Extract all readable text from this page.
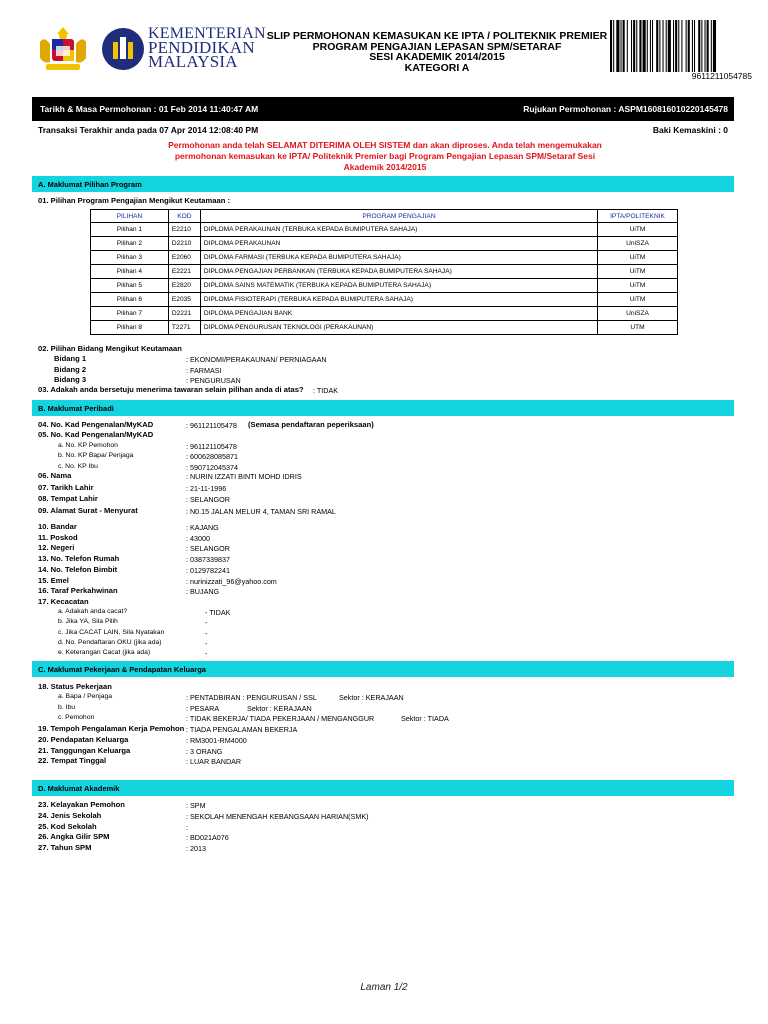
KEMENTERIAN
PENDIDIKAN
MALAYSIA
SLIP PERMOHONAN KEMASUKAN KE IPTA / POLITEKNIK PREMIER
PROGRAM PENGAJIAN LEPASAN SPM/SETARAF
SESI AKADEMIK 2014/2015
KATEGORI A
9611211054785
Tarikh & Masa Permohonan : 01 Feb 2014 11:40:47 AM	Rujukan Permohonan : ASPM160816010220145478
Transaksi Terakhir anda pada 07 Apr 2014 12:08:40 PM	Baki Kemaskini : 0
Permohonan anda telah SELAMAT DITERIMA OLEH SISTEM dan akan diproses. Anda telah mengemukakan permohonan kemasukan ke IPTA/ Politeknik Premier bagi Program Pengajian Lepasan SPM/Setaraf Sesi Akademik 2014/2015
A. Maklumat Pilihan Program
01. Pilihan Program Pengajian Mengikut Keutamaan :
PILIHAN	KOD	PROGRAM PENGAJIAN	IPTA/POLITEKNIK
Pilihan 1	E2210	DIPLOMA PERAKAUNAN (TERBUKA KEPADA BUMIPUTERA SAHAJA)	UiTM
Pilihan 2	D2210	DIPLOMA PERAKAUNAN	UniSZA
Pilihan 3	E2060	DIPLOMA FARMASI (TERBUKA KEPADA BUMIPUTERA SAHAJA)	UiTM
Pilihan 4	E2221	DIPLOMA PENGAJIAN PERBANKAN (TERBUKA KEPADA BUMIPUTERA SAHAJA)	UiTM
Pilihan 5	E2820	DIPLOMA SAINS MATEMATIK (TERBUKA KEPADA BUMIPUTERA SAHAJA)	UiTM
Pilihan 6	E2035	DIPLOMA FISIOTERAPI (TERBUKA KEPADA BUMIPUTERA SAHAJA)	UiTM
Pilihan 7	D2221	DIPLOMA PENGAJIAN BANK	UniSZA
Pilihan 8	T2271	DIPLOMA PENGURUSAN TEKNOLOGI (PERAKAUNAN)	UTM
02. Pilihan Bidang Mengikut Keutamaan
Bidang 1	: EKONOMI/PERAKAUNAN/ PERNIAGAAN
Bidang 2	: FARMASI
Bidang 3	: PENGURUSAN
03. Adakah anda bersetuju menerima tawaran selain pilihan anda di atas? : TIDAK
B. Maklumat Peribadi
04. No. Kad Pengenalan/MyKAD	: 961121105478 (Semasa pendaftaran peperiksaan)
05. No. Kad Pengenalan/MyKAD
a. No. KP Pemohon	: 961121105478
b. No. KP Bapa/ Penjaga	: 600628085871
c. No. KP Ibu	: 590712045374
06. Nama	: NURIN IZZATI BINTI MOHD IDRIS
07. Tarikh Lahir	: 21-11-1996
08. Tempat Lahir	: SELANGOR
09. Alamat Surat - Menyurat	: N0.15 JALAN MELUR 4, TAMAN SRI RAMAL
10. Bandar	: KAJANG
11. Poskod	: 43000
12. Negeri	: SELANGOR
13. No. Telefon Rumah	: 0387339837
14. No. Telefon Bimbit	: 0129782241
15. Emel	: nurinizzati_96@yahoo.com
16. Taraf Perkahwinan	: BUJANG
17. Kecacatan
a. Adakah anda cacat?	- TIDAK
b. Jika YA, Sila Pilih	-
c. Jika CACAT LAIN, Sila Nyatakan	-
d. No. Pendaftaran OKU (jika ada)	-
e. Keterangan Cacat (jika ada)	-
C. Maklumat Pekerjaan & Pendapatan Keluarga
18. Status Pekerjaan
a. Bapa / Penjaga	: PENTADBIRAN : PENGURUSAN / SSL	Sektor : KERAJAAN
b. Ibu	: PESARA	Sektor : KERAJAAN
c. Pemohon	: TIDAK BEKERJA/ TIADA PEKERJAAN / MENGANGGUR	Sektor : TIADA
19. Tempoh Pengalaman Kerja Pemohon : TIADA PENGALAMAN BEKERJA
20. Pendapatan Keluarga	: RM3001-RM4000
21. Tanggungan Keluarga	: 3 ORANG
22. Tempat Tinggal	: LUAR BANDAR
D. Maklumat Akademik
23. Kelayakan Pemohon	: SPM
24. Jenis Sekolah	: SEKOLAH MENENGAH KEBANGSAAN HARIAN(SMK)
25. Kod Sekolah	:
26. Angka Gilir SPM	: BD021A076
27. Tahun SPM	: 2013
Laman 1/2
